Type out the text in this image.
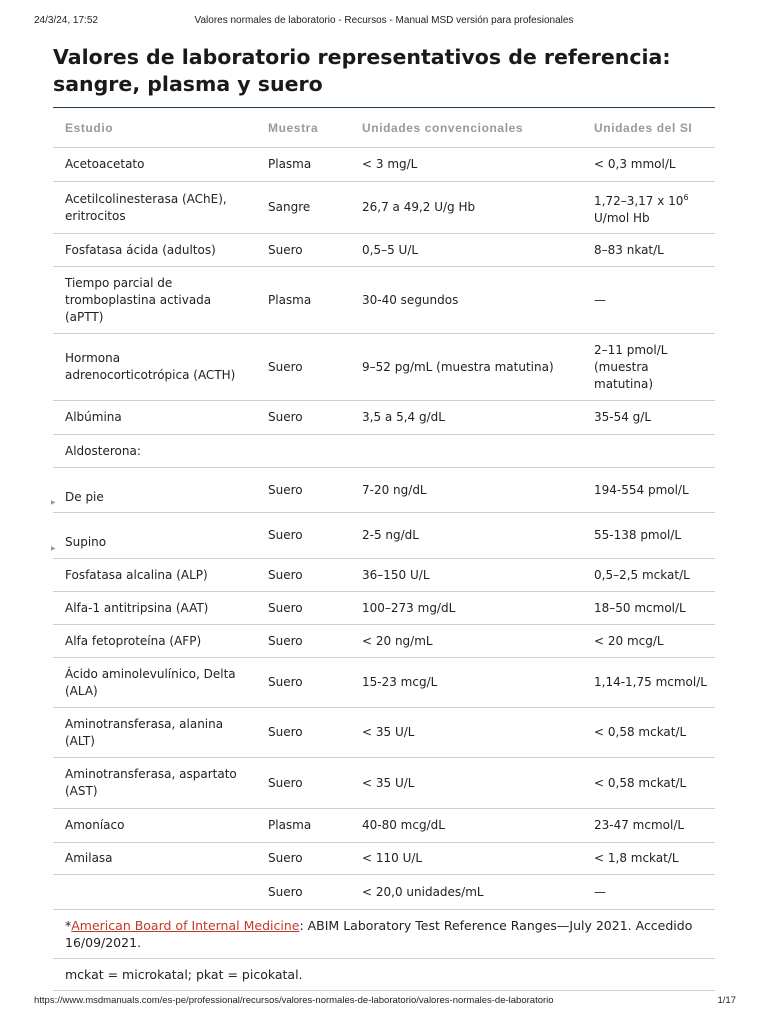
24/3/24, 17:52	Valores normales de laboratorio - Recursos - Manual MSD versión para profesionales
Valores de laboratorio representativos de referencia: sangre, plasma y suero
Estudio	Muestra	Unidades convencionales	Unidades del SI
Acetoacetato	Plasma	< 3 mg/L	< 0,3 mmol/L
Acetilcolinesterasa (AChE), eritrocitos	Sangre	26,7 a 49,2 U/g Hb	1,72–3,17 x $10^6$
U/mol Hb
Fosfatasa ácida (adultos)	Suero	0,5–5 U/L	8–83 nkat/L
Tiempo parcial de tromboplastina activada (aPTT)	Plasma	30-40 segundos	—
Hormona adrenocorticotrópica (ACTH)	Suero	9–52 pg/mL (muestra matutina)	2–11 pmol/L (muestra matutina)
Albúmina	Suero	3,5 a 5,4 g/dL	35-54 g/L
Aldosterona:			

▶ De pie	Suero	7-20 ng/dL	194-554 pmol/L

▶ Supino	Suero	2-5 ng/dL	55-138 pmol/L
Fosfatasa alcalina (ALP)	Suero	36–150 U/L	0,5–2,5 mckat/L
Alfa-1 antitripsina (AAT)	Suero	100–273 mg/dL	18–50 mcmol/L
Alfa fetoproteína (AFP)	Suero	< 20 ng/mL	< 20 mcg/L
Ácido aminolevulínico, Delta (ALA)	Suero	15-23 mcg/L	1,14-1,75 mcmol/L
Aminotransferasa, alanina (ALT)	Suero	< 35 U/L	< 0,58 mckat/L
Aminotransferasa, aspartato (AST)	Suero	< 35 U/L	< 0,58 mckat/L
Amoníaco	Plasma	40-80 mcg/dL	23-47 mcmol/L
Amilasa	Suero	< 110 U/L	< 1,8 mckat/L
	Suero	< 20,0 unidades/mL	—
*American Board of Internal Medicine: ABIM Laboratory Test Reference Ranges—July 2021. Accedido 16/09/2021.
mckat = microkatal; pkat = picokatal.
https://www.msdmanuals.com/es-pe/professional/recursos/valores-normales-de-laboratorio/valores-normales-de-laboratorio	1/17
